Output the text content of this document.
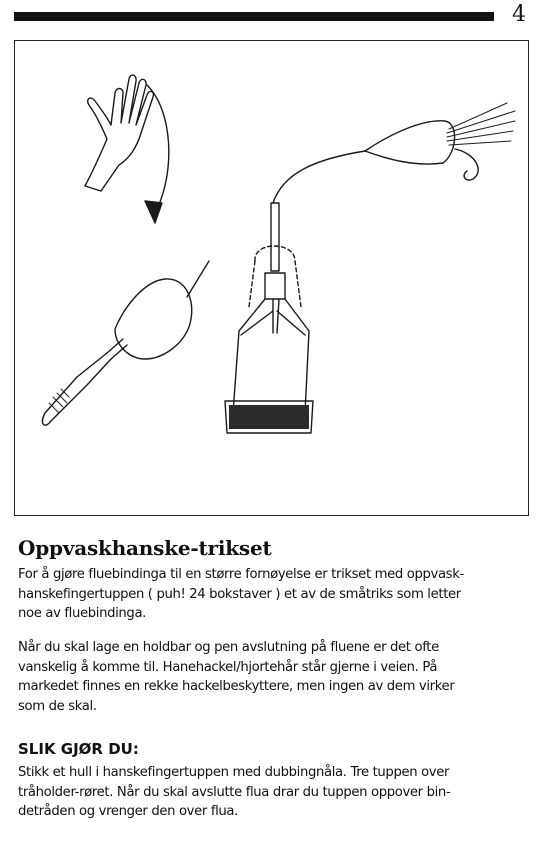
4
Oppvaskhanske-trikset

For å gjøre fluebindinga til en større fornøyelse er trikset med oppvask-
hanskefingertuppen ( puh! 24 bokstaver ) et av de småtriks som letter
noe av fluebindinga.

Når du skal lage en holdbar og pen avslutning på fluene er det ofte
vanskelig å komme til. Hanehackel/hjortehår står gjerne i veien. På
markedet finnes en rekke hackelbeskyttere, men ingen av dem virker
som de skal.

SLIK GJØR DU:

Stikk et hull i hanskefingertuppen med dubbingnåla. Tre tuppen over
tråholder-røret. Når du skal avslutte flua drar du tuppen oppover bin-
detråden og vrenger den over flua.
